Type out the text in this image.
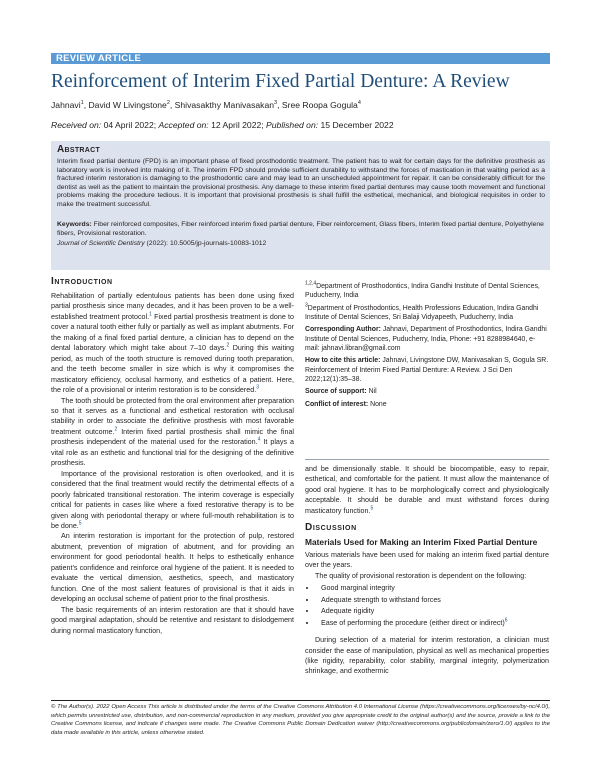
REVIEW ARTICLE
Reinforcement of Interim Fixed Partial Denture: A Review
Jahnavi$^1$, David W Livingstone$^2$, Shivasakthy Manivasakan$^3$, Sree Roopa Gogula$^4$
Received on: 04 April 2022; Accepted on: 12 April 2022; Published on: 15 December 2022
Abstract
Interim fixed partial denture (FPD) is an important phase of fixed prosthodontic treatment. The patient has to wait for certain days for the definitive prosthesis as laboratory work is involved into making of it. The interim FPD should provide sufficient durability to withstand the forces of mastication in that waiting period as a fractured interim restoration is damaging to the prosthodontic care and may lead to an unscheduled appointment for repair. It can be considerably difficult for the dentist as well as the patient to maintain the provisional prosthesis. Any damage to these interim fixed partial dentures may cause tooth movement and functional problems making the procedure tedious. It is important that provisional prosthesis is shall fulfill the esthetical, mechanical, and biological requisites in order to make the treatment successful.
Keywords: Fiber reinforced composites, Fiber reinforced interim fixed partial denture, Fiber reinforcement, Glass fibers, Interim fixed partial denture, Polyethylene fibers, Provisional restoration.
Journal of Scientific Dentistry (2022): 10.5005/jp-journals-10083-1012
Introduction

Rehabilitation of partially edentulous patients has been done using fixed partial prosthesis since many decades, and it has been proven to be a well-established treatment protocol.$^1$ Fixed partial prosthesis treatment is done to cover a natural tooth either fully or partially as well as implant abutments. For the making of a final fixed partial denture, a clinician has to depend on the dental laboratory which might take about 7–10 days.$^2$ During this waiting period, as much of the tooth structure is removed during tooth preparation, and the teeth become smaller in size which is why it compromises the masticatory efficiency, occlusal harmony, and esthetics of a patient. Here, the role of a provisional or interim restoration is to be considered.$^3$

The tooth should be protected from the oral environment after preparation so that it serves as a functional and esthetical restoration with occlusal stability in order to associate the definitive prosthesis with most favorable treatment outcome.$^2$ Interim fixed partial prosthesis shall mimic the final prosthesis independent of the material used for the restoration.$^4$ It plays a vital role as an esthetic and functional trial for the designing of the definitive prosthesis.

Importance of the provisional restoration is often overlooked, and it is considered that the final treatment would rectify the detrimental effects of a poorly fabricated transitional restoration. The interim coverage is especially critical for patients in cases like where a fixed restorative therapy is to be given along with periodontal therapy or where full-mouth rehabilitation is to be done.$^5$

An interim restoration is important for the protection of pulp, restored abutment, prevention of migration of abutment, and for providing an environment for good periodontal health. It helps to esthetically enhance patient’s confidence and reinforce oral hygiene of the patient. It is needed to evaluate the vertical dimension, aesthetics, speech, and masticatory function. One of the most salient features of provisional is that it aids in developing an occlusal scheme of patient prior to the final prosthesis.

The basic requirements of an interim restoration are that it should have good marginal adaptation, should be retentive and resistant to dislodgement during normal masticatory function,

$^{1,2,4}$Department of Prosthodontics, Indira Gandhi Institute of Dental Sciences, Puducherry, India

$^3$Department of Prosthodontics, Health Professions Education, Indira Gandhi Institute of Dental Sciences, Sri Balaji Vidyapeeth, Puducherry, India

Corresponding Author: Jahnavi, Department of Prosthodontics, Indira Gandhi Institute of Dental Sciences, Puducherry, India, Phone: +91 8288984640, e-mail: jahnavi.libran@gmail.com

How to cite this article: Jahnavi, Livingstone DW, Manivasakan S, Gogula SR. Reinforcement of Interim Fixed Partial Denture: A Review. J Sci Den 2022;12(1):35–38.

Source of support: Nil

Conflict of interest: None

and be dimensionally stable. It should be biocompatible, easy to repair, esthetical, and comfortable for the patient. It must allow the maintenance of good oral hygiene. It has to be morphologically correct and physiologically acceptable. It should be durable and must withstand forces during masticatory function.$^5$

Discussion
Materials Used for Making an Interim Fixed Partial Denture

Various materials have been used for making an interim fixed partial denture over the years.

The quality of provisional restoration is dependent on the following:

• Good marginal integrity
• Adequate strength to withstand forces
• Adequate rigidity
• Ease of performing the procedure (either direct or indirect)$^6$

During selection of a material for interim restoration, a clinician must consider the ease of manipulation, physical as well as mechanical properties (like rigidity, reparability, color stability, marginal integrity, polymerization shrinkage, and exothermic

© The Author(s). 2022 Open Access This article is distributed under the terms of the Creative Commons Attribution 4.0 International License (https://creativecommons.org/licenses/by-nc/4.0/), which permits unrestricted use, distribution, and non-commercial reproduction in any medium, provided you give appropriate credit to the original author(s) and the source, provide a link to the Creative Commons license, and indicate if changes were made. The Creative Commons Public Domain Dedication waiver (http://creativecommons.org/publicdomain/zero/1.0/) applies to the data made available in this article, unless otherwise stated.
